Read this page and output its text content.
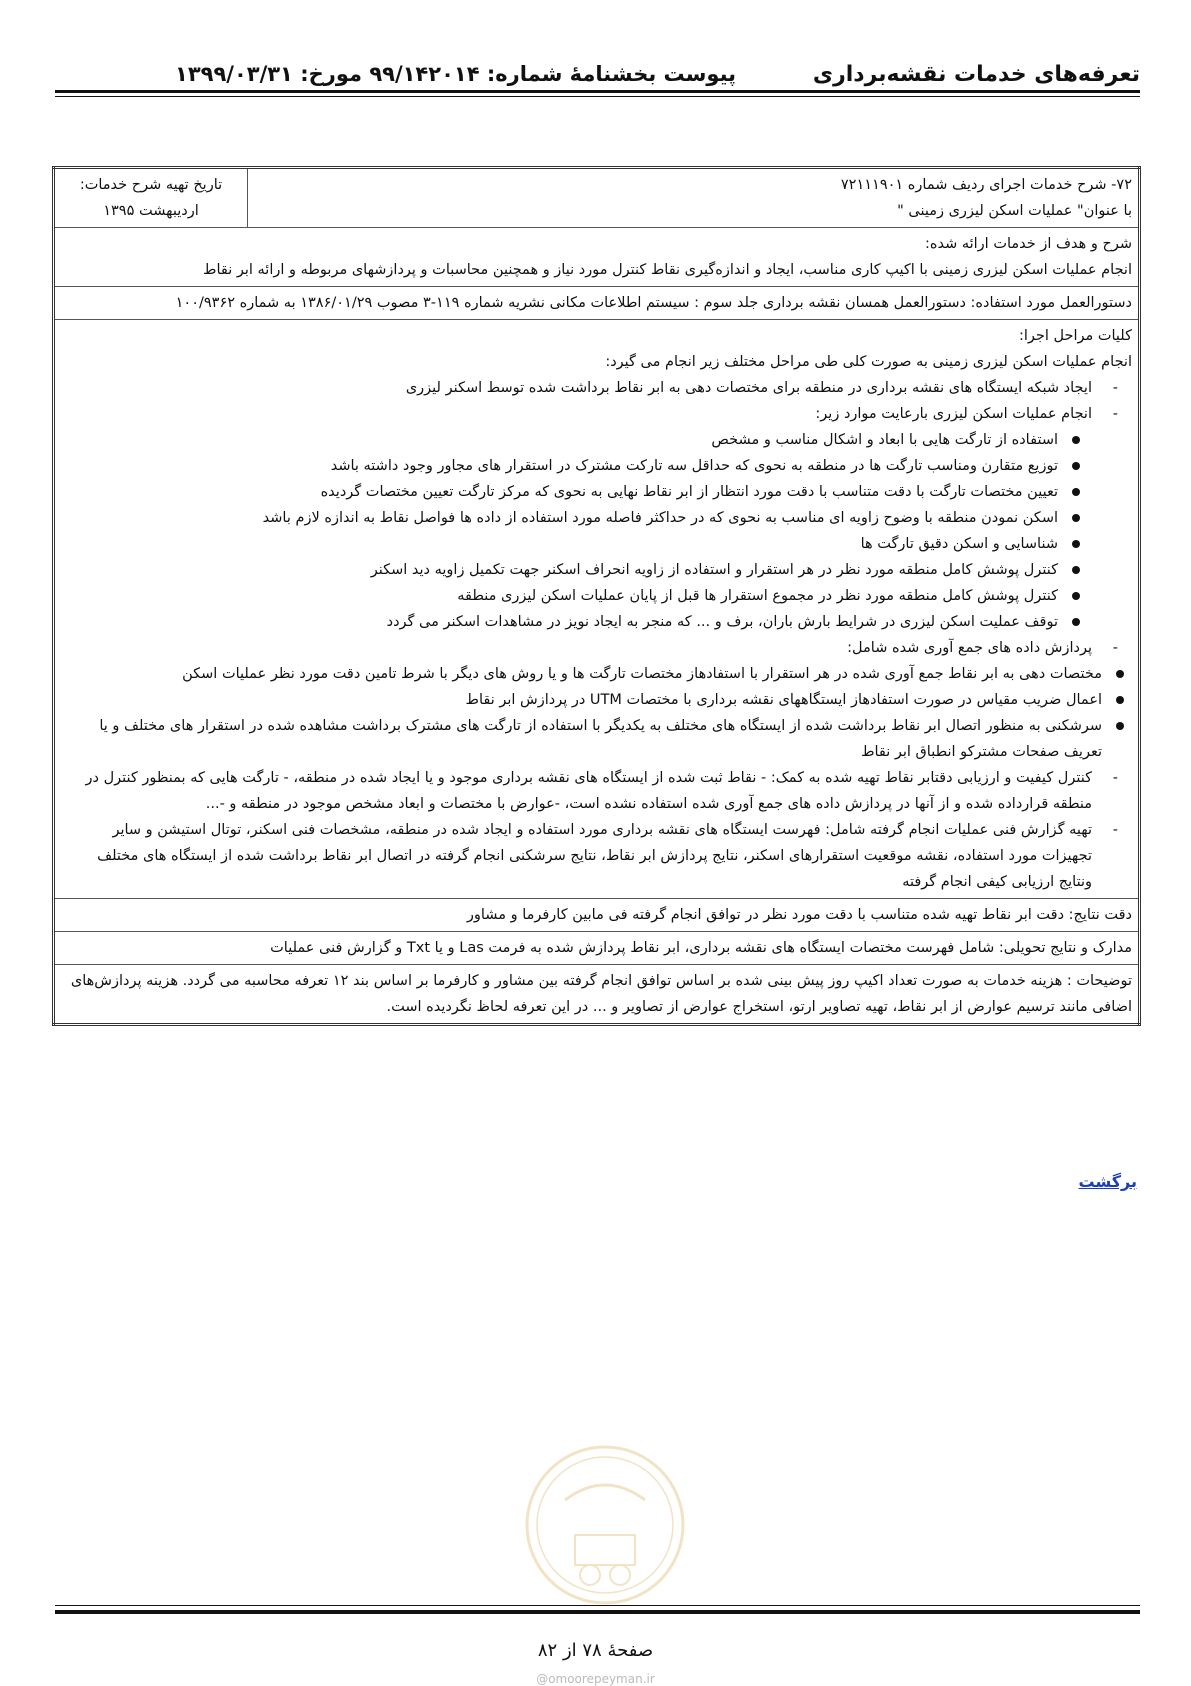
تعرفه‌های خدمات نقشه‌برداری
پیوست بخشنامۀ شماره: ۹۹/۱۴۲۰۱۴ مورخ: ۱۳۹۹/۰۳/۳۱
۷۲- شرح خدمات اجرای ردیف شماره ۷۲۱۱۱۹۰۱
با عنوان" عملیات اسکن لیزری زمینی "

تاریخ تهیه شرح خدمات:
اردیبهشت ۱۳۹۵

شرح و هدف از خدمات ارائه شده:
انجام عملیات اسکن لیزری زمینی با اکیپ کاری مناسب، ایجاد و اندازه‌گیری نقاط کنترل مورد نیاز و همچنین محاسبات و پردازشهای مربوطه و ارائه ابر نقاط

دستورالعمل مورد استفاده: دستورالعمل همسان نقشه برداری جلد سوم : سیستم اطلاعات مکانی نشریه شماره ۱۱۹-۳ مصوب ۱۳۸۶/۰۱/۲۹ به شماره ۱۰۰/۹۳۶۲

کلیات مراحل اجرا:
انجام عملیات اسکن لیزری زمینی به صورت کلی طی مراحل مختلف زیر انجام می گیرد:
- ایجاد شبکه ایستگاه های نقشه برداری در منطقه برای مختصات دهی به ابر نقاط برداشت شده توسط اسکنر لیزری
- انجام عملیات اسکن لیزری بارعایت موارد زیر:
استفاده از تارگت هایی با ابعاد و اشکال مناسب و مشخص
توزیع متقارن ومناسب تارگت ها در منطقه به نحوی که حداقل سه تارکت مشترک در استقرار های مجاور وجود داشته باشد
تعیین مختصات تارگت با دقت متناسب با دقت مورد انتظار از ابر نقاط نهایی به نحوی که مرکز تارگت تعیین مختصات گردیده
اسکن نمودن منطقه با وضوح زاویه ای مناسب به نحوی که در حداکثر فاصله مورد استفاده از داده ها فواصل نقاط به اندازه لازم باشد
شناسایی و اسکن دقیق تارگت ها
کنترل پوشش کامل منطقه مورد نظر در هر استقرار و استفاده از زاویه انحراف اسکنر جهت تکمیل زاویه دید اسکنر
کنترل پوشش کامل منطقه مورد نظر در مجموع استقرار ها قبل از پایان عملیات اسکن لیزری منطقه
توقف عملیت اسکن لیزری در شرایط بارش باران، برف و ... که منجر به ایجاد نویز در مشاهدات اسکنر می گردد
- پردازش داده های جمع آوری شده شامل:
مختصات دهی به ابر نقاط جمع آوری شده در هر استقرار با استفادهاز مختصات تارگت ها و یا روش های دیگر با شرط تامین دقت مورد نظر عملیات اسکن
اعمال ضریب مقیاس در صورت استفادهاز ایستگاههای نقشه برداری با مختصات UTM در پردازش ابر نقاط
سرشکنی به منظور اتصال ابر نقاط برداشت شده از ایستگاه های مختلف به یکدیگر با استفاده از تارگت های مشترک برداشت مشاهده شده در استقرار های مختلف و یا تعریف صفحات مشترکو انطباق ابر نقاط
- کنترل کیفیت و ارزیابی دقتابر نقاط تهیه شده به کمک: - نقاط ثبت شده از ایستگاه های نقشه برداری موجود و یا ایجاد شده در منطقه، - تارگت هایی که بمنظور کنترل در منطقه قرارداده شده و از آنها در پردازش داده های جمع آوری شده استفاده نشده است، -عوارض با مختصات و ابعاد مشخص موجود در منطقه و -...
- تهیه گزارش فنی عملیات انجام گرفته شامل: فهرست ایستگاه های نقشه برداری مورد استفاده و ایجاد شده در منطقه، مشخصات فنی اسکنر، توتال استیشن و سایر تجهیزات مورد استفاده، نقشه موقعیت استقرارهای اسکنر، نتایج پردازش ابر نقاط، نتایج سرشکنی انجام گرفته در اتصال ابر نقاط برداشت شده از ایستگاه های مختلف ونتایج ارزیابی کیفی انجام گرفته

دقت نتایج: دقت ابر نقاط تهیه شده متناسب با دقت مورد نظر در توافق انجام گرفته فی مابین کارفرما و مشاور
مدارک و نتایج تحویلی: شامل فهرست مختصات ایستگاه های نقشه برداری، ابر نقاط پردازش شده به فرمت Las و یا Txt و گزارش فنی عملیات
توضیحات : هزینه خدمات به صورت تعداد اکیپ روز پیش بینی شده بر اساس توافق انجام گرفته بین مشاور و کارفرما بر اساس بند ۱۲ تعرفه محاسبه می گردد. هزینه پردازش‌های اضافی مانند ترسیم عوارض از ابر نقاط، تهیه تصاویر ارتو، استخراج عوارض از تصاویر و ... در این تعرفه لحاظ نگردیده است.
برگشت
صفحۀ ۷۸ از ۸۲
@omoorepeyman.ir
